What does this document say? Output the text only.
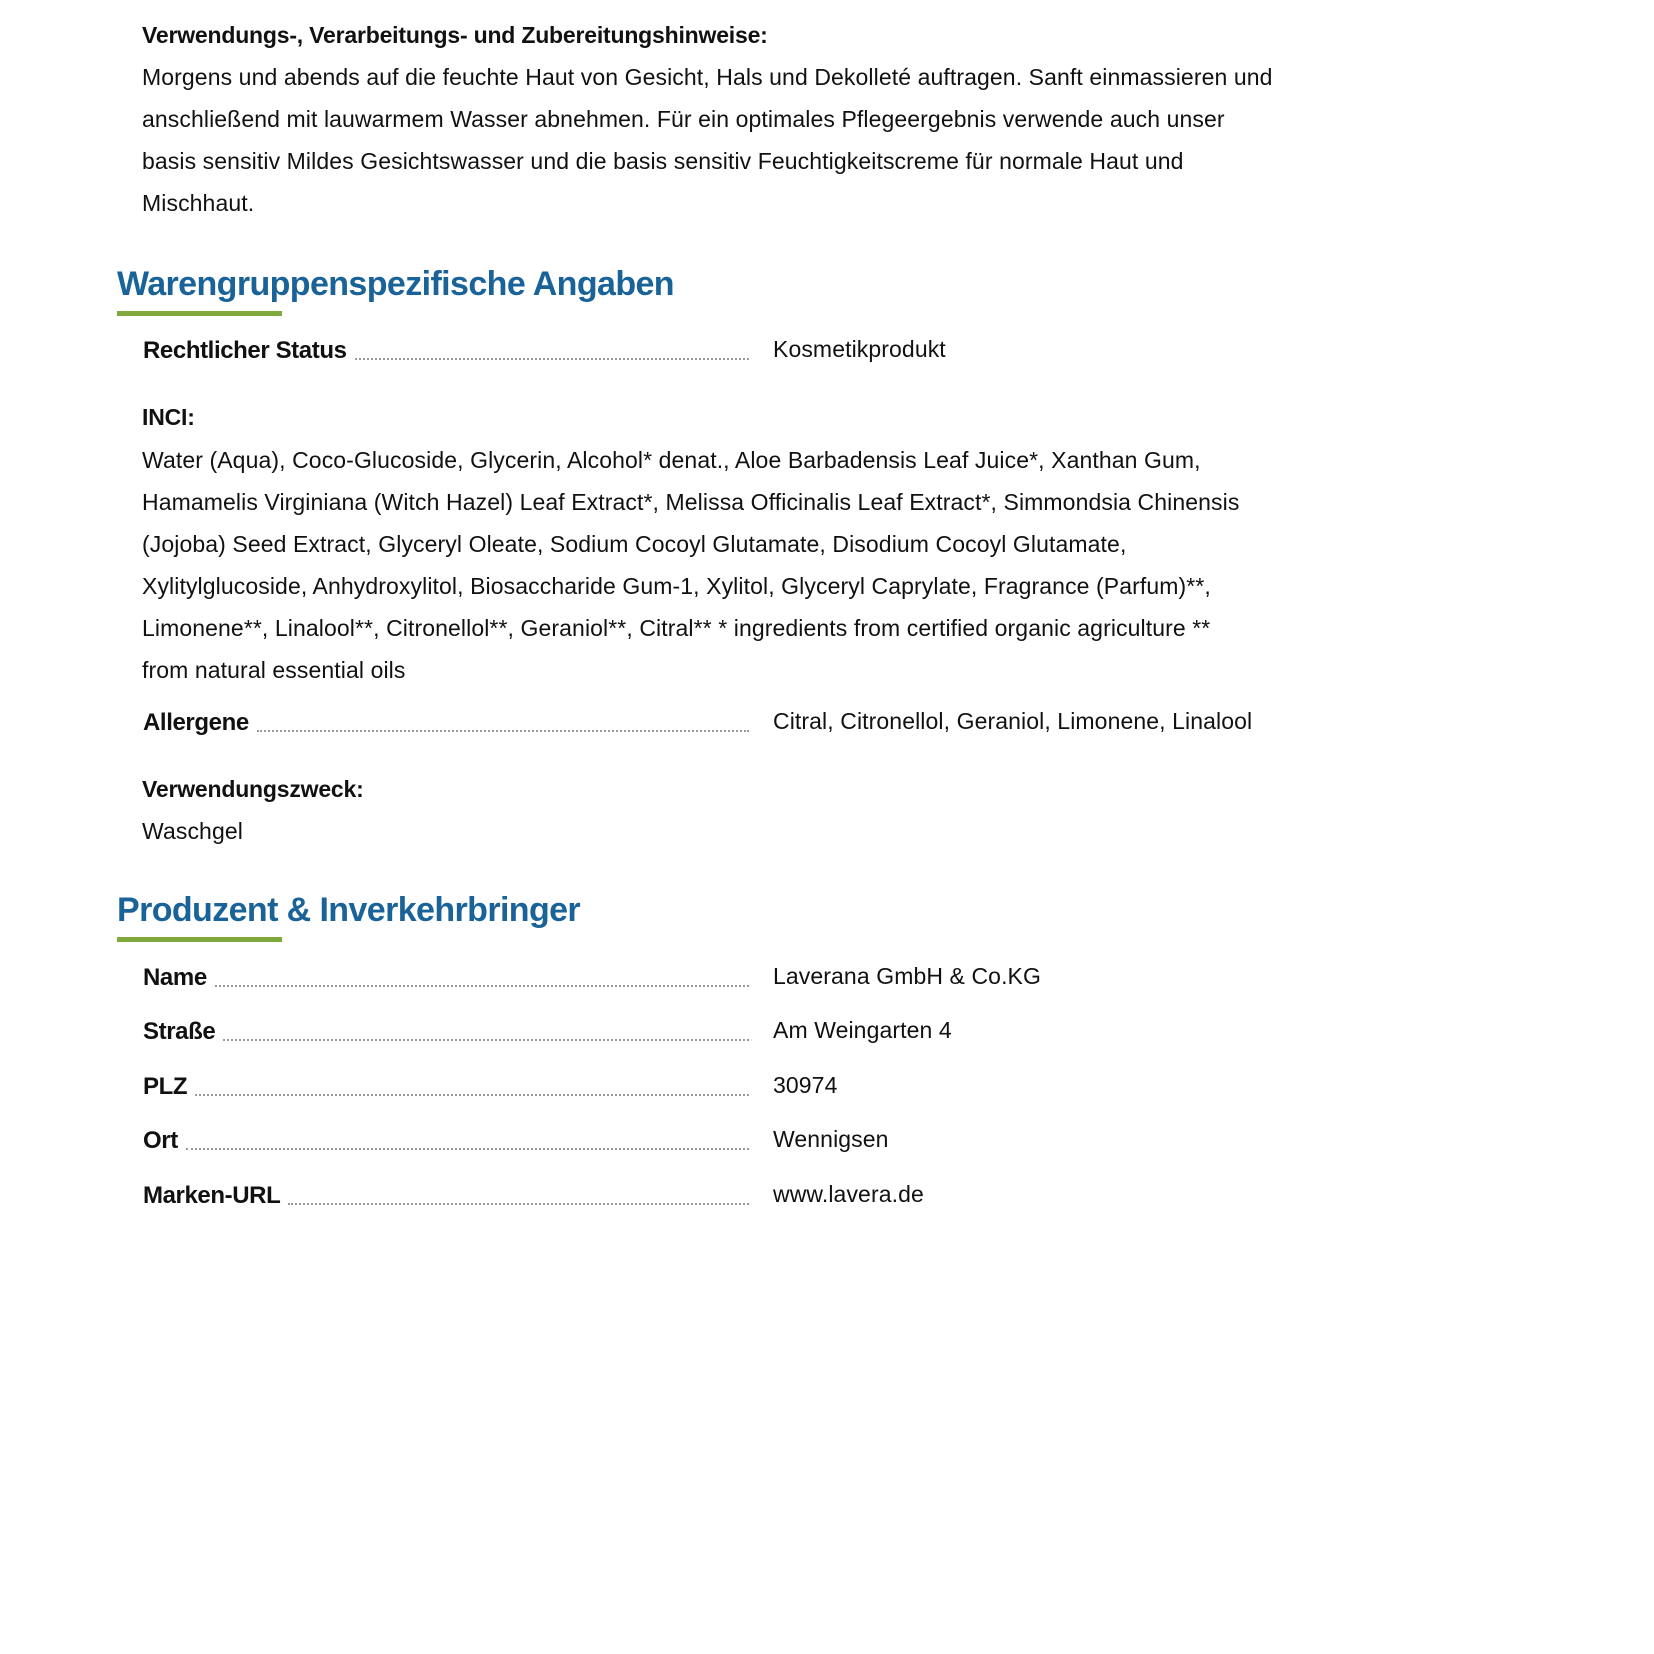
Verwendungs-, Verarbeitungs- und Zubereitungshinweise:
Morgens und abends auf die feuchte Haut von Gesicht, Hals und Dekolleté auftragen. Sanft einmassieren und
anschließend mit lauwarmem Wasser abnehmen. Für ein optimales Pflegeergebnis verwende auch unser
basis sensitiv Mildes Gesichtswasser und die basis sensitiv Feuchtigkeitscreme für normale Haut und
Mischhaut.
Warengruppenspezifische Angaben
Rechtlicher Status	Kosmetikprodukt
INCI:
Water (Aqua), Coco-Glucoside, Glycerin, Alcohol* denat., Aloe Barbadensis Leaf Juice*, Xanthan Gum,
Hamamelis Virginiana (Witch Hazel) Leaf Extract*, Melissa Officinalis Leaf Extract*, Simmondsia Chinensis
(Jojoba) Seed Extract, Glyceryl Oleate, Sodium Cocoyl Glutamate, Disodium Cocoyl Glutamate,
Xylitylglucoside, Anhydroxylitol, Biosaccharide Gum-1, Xylitol, Glyceryl Caprylate, Fragrance (Parfum)**,
Limonene**, Linalool**, Citronellol**, Geraniol**, Citral** * ingredients from certified organic agriculture **
from natural essential oils
Allergene	Citral, Citronellol, Geraniol, Limonene, Linalool
Verwendungszweck:
Waschgel
Produzent & Inverkehrbringer
Name	Laverana GmbH & Co.KG
Straße	Am Weingarten 4
PLZ	30974
Ort	Wennigsen
Marken-URL	www.lavera.de
